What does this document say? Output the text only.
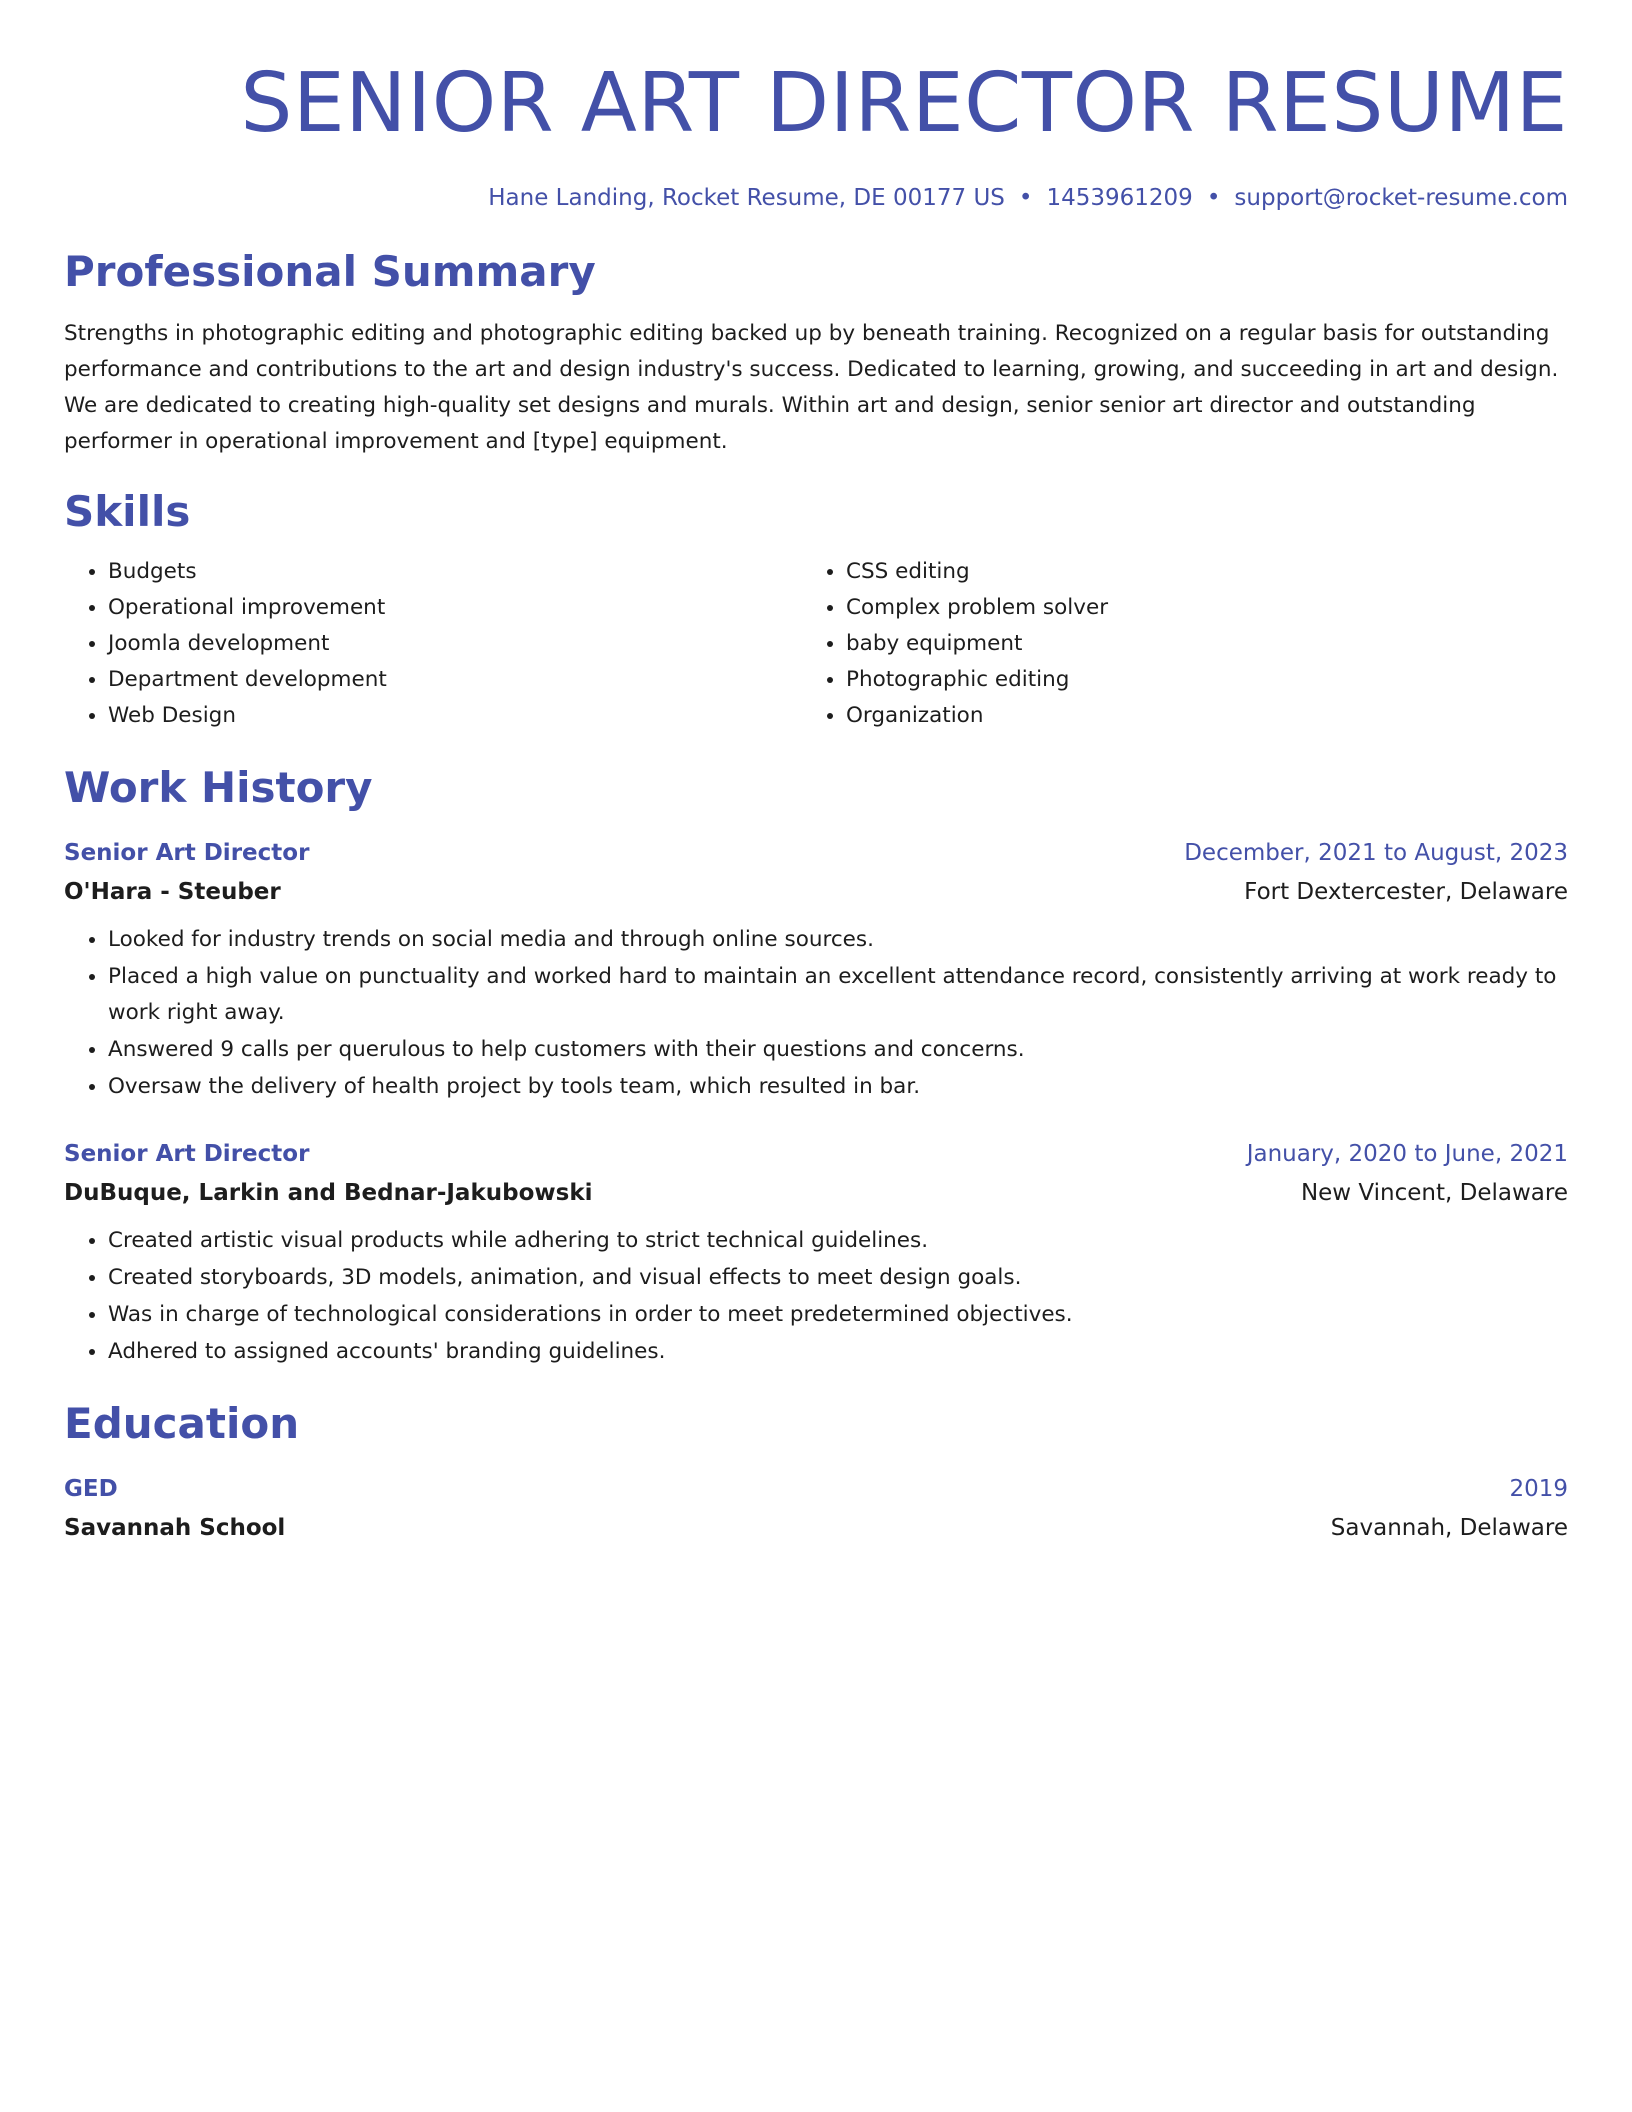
SENIOR ART DIRECTOR RESUME
Hane Landing, Rocket Resume, DE 00177 US • 1453961209 • support@rocket-resume.com
Professional Summary

Strengths in photographic editing and photographic editing backed up by beneath training. Recognized on a regular basis for outstanding performance and contributions to the art and design industry's success. Dedicated to learning, growing, and succeeding in art and design. We are dedicated to creating high-quality set designs and murals. Within art and design, senior senior art director and outstanding performer in operational improvement and [type] equipment.

Skills
• Budgets
• Operational improvement
• Joomla development
• Department development
• Web Design
• CSS editing
• Complex problem solver
• baby equipment
• Photographic editing
• Organization
Work History
Senior Art Director	December, 2021 to August, 2023
O'Hara - Steuber	Fort Dextercester, Delaware
• Looked for industry trends on social media and through online sources.
• Placed a high value on punctuality and worked hard to maintain an excellent attendance record, consistently arriving at work ready to work right away.
• Answered 9 calls per querulous to help customers with their questions and concerns.
• Oversaw the delivery of health project by tools team, which resulted in bar.
Senior Art Director	January, 2020 to June, 2021
DuBuque, Larkin and Bednar-Jakubowski	New Vincent, Delaware
• Created artistic visual products while adhering to strict technical guidelines.
• Created storyboards, 3D models, animation, and visual effects to meet design goals.
• Was in charge of technological considerations in order to meet predetermined objectives.
• Adhered to assigned accounts' branding guidelines.
Education
GED	2019
Savannah School	Savannah, Delaware
